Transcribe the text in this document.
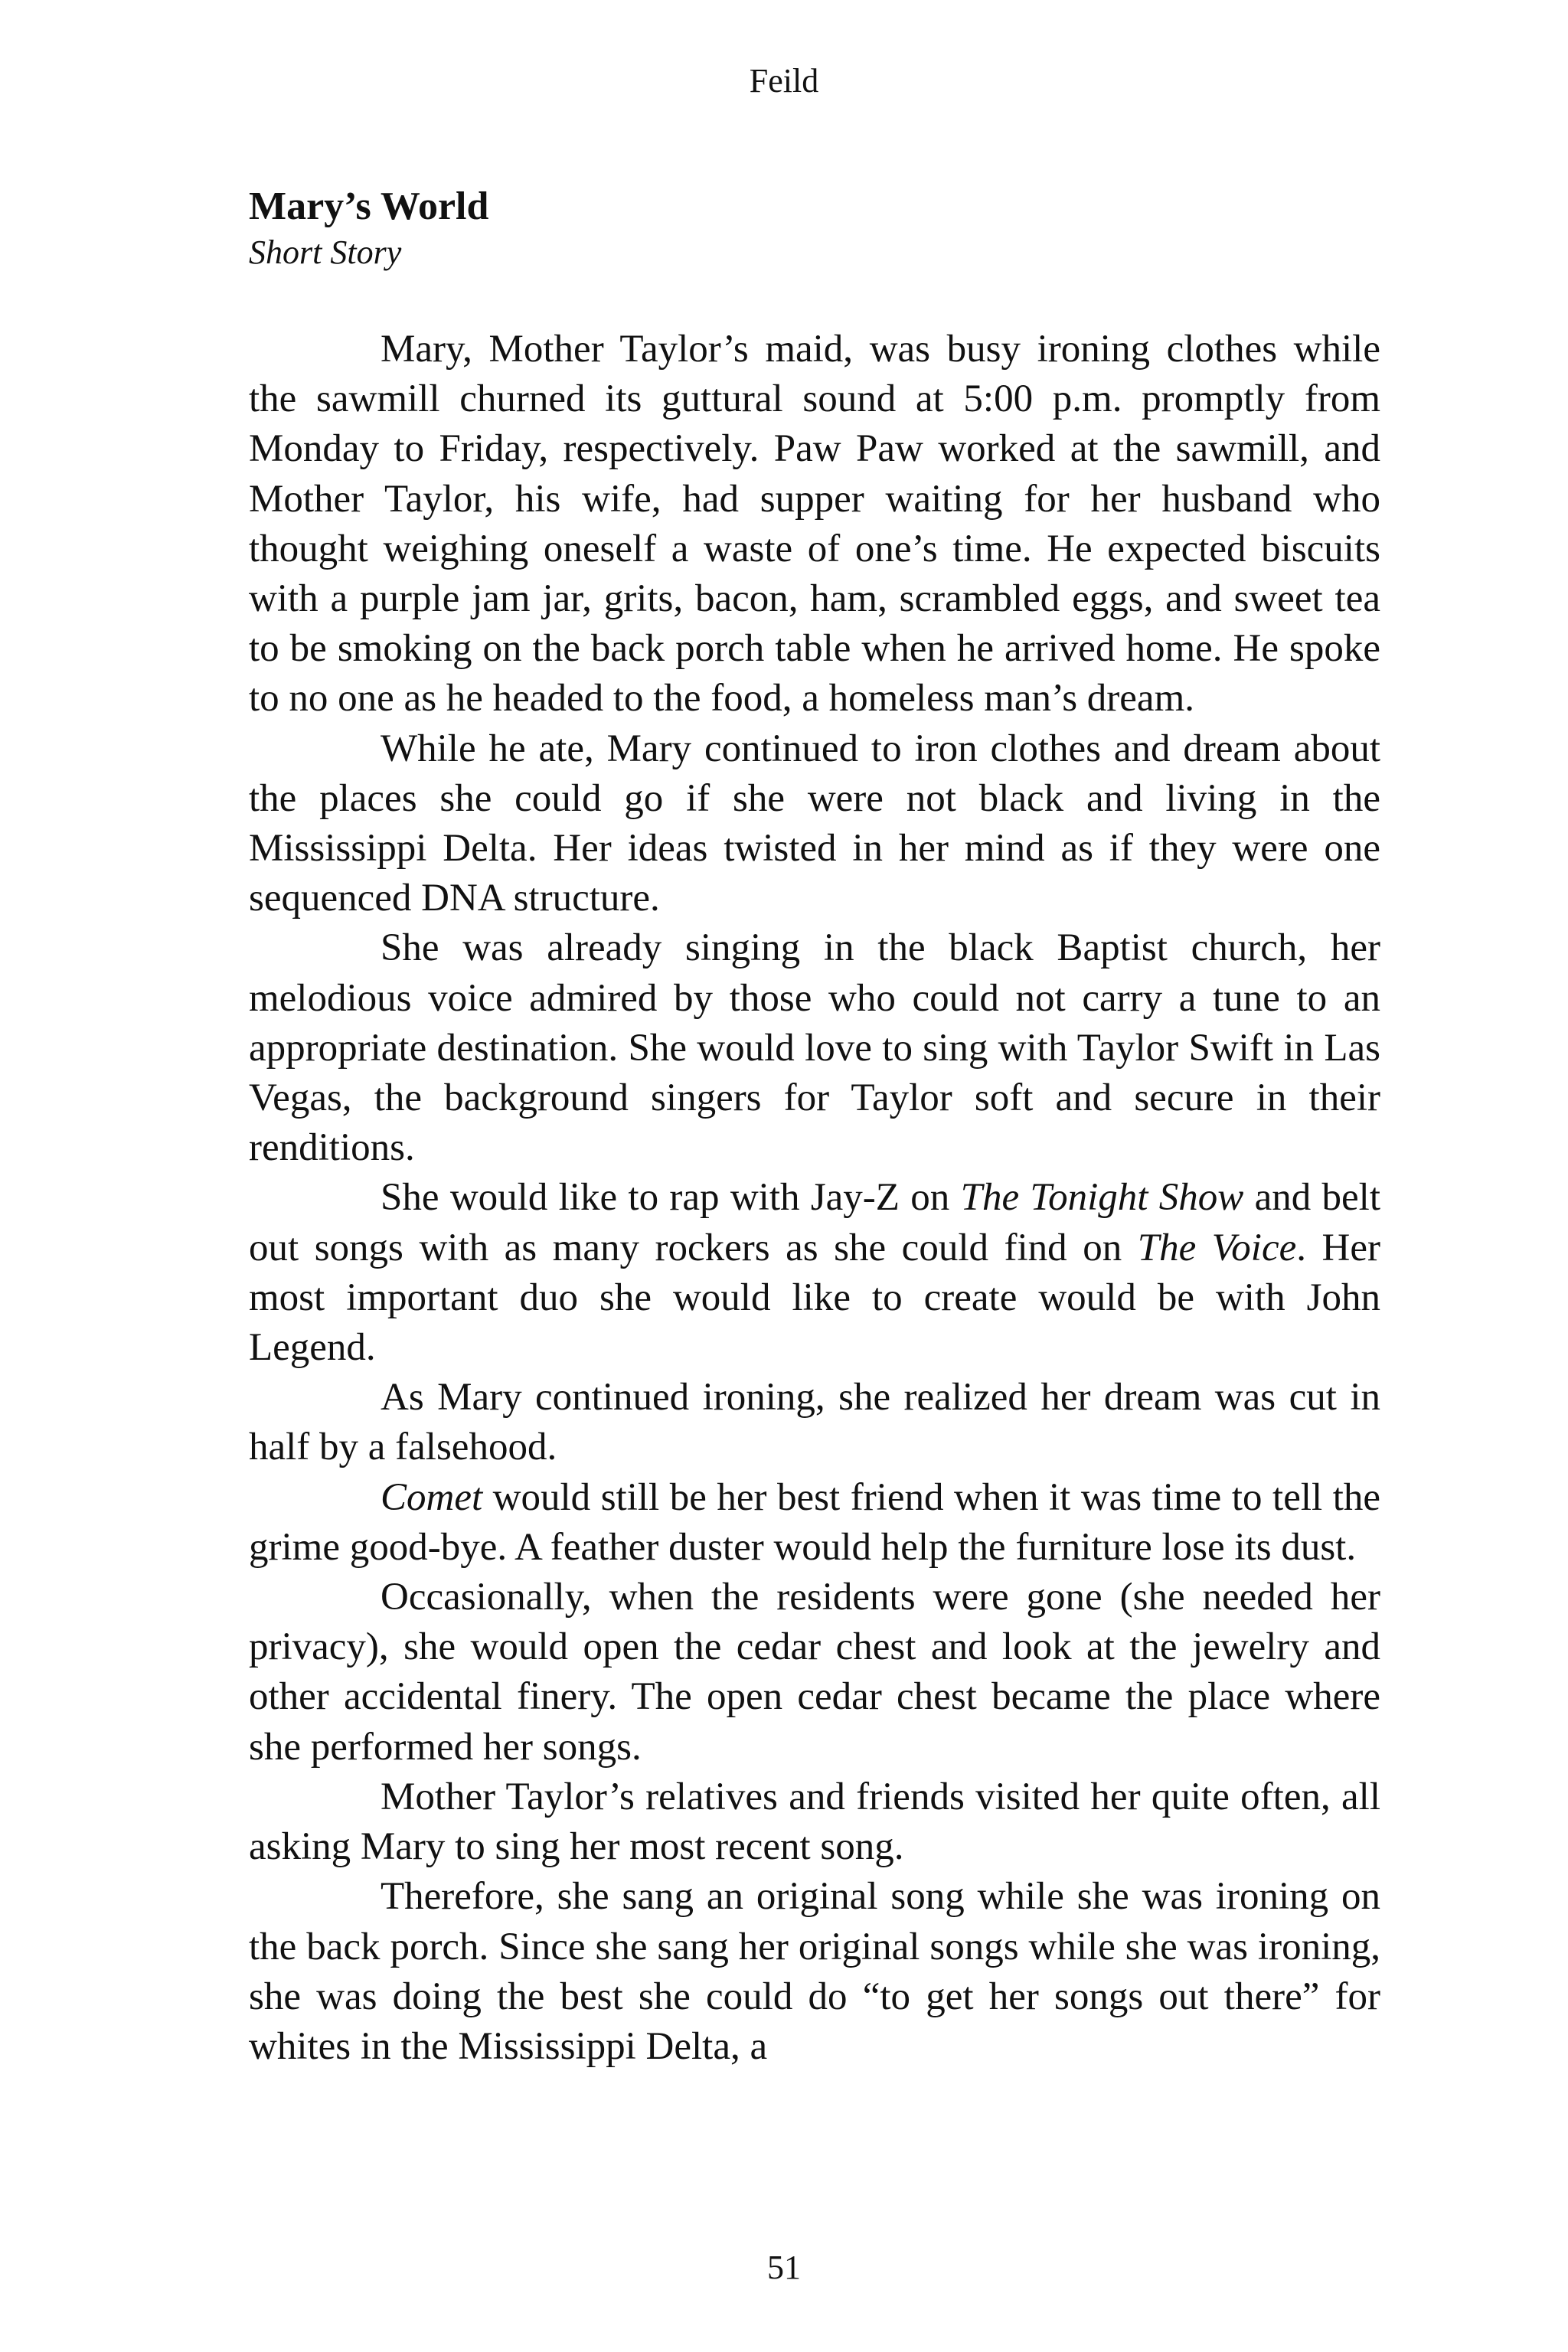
Feild
Mary’s World

Short Story

Mary, Mother Taylor’s maid, was busy ironing clothes while the sawmill churned its guttural sound at 5:00 p.m. promptly from Monday to Friday, respectively. Paw Paw worked at the sawmill, and Mother Taylor, his wife, had supper waiting for her husband who thought weighing oneself a waste of one’s time. He expected biscuits with a purple jam jar, grits, bacon, ham, scrambled eggs, and sweet tea to be smoking on the back porch table when he arrived home. He spoke to no one as he headed to the food, a homeless man’s dream.

While he ate, Mary continued to iron clothes and dream about the places she could go if she were not black and living in the Mississippi Delta. Her ideas twisted in her mind as if they were one sequenced DNA structure.

She was already singing in the black Baptist church, her melodious voice admired by those who could not carry a tune to an appropriate destination. She would love to sing with Taylor Swift in Las Vegas, the background singers for Taylor soft and secure in their renditions.

She would like to rap with Jay-Z on The Tonight Show and belt out songs with as many rockers as she could find on The Voice. Her most important duo she would like to create would be with John Legend.

As Mary continued ironing, she realized her dream was cut in half by a falsehood.

Comet would still be her best friend when it was time to tell the grime good-bye. A feather duster would help the furniture lose its dust.

Occasionally, when the residents were gone (she needed her privacy), she would open the cedar chest and look at the jewelry and other accidental finery. The open cedar chest became the place where she performed her songs.

Mother Taylor’s relatives and friends visited her quite often, all asking Mary to sing her most recent song.

Therefore, she sang an original song while she was ironing on the back porch. Since she sang her original songs while she was ironing, she was doing the best she could do “to get her songs out there” for whites in the Mississippi Delta, a

51
